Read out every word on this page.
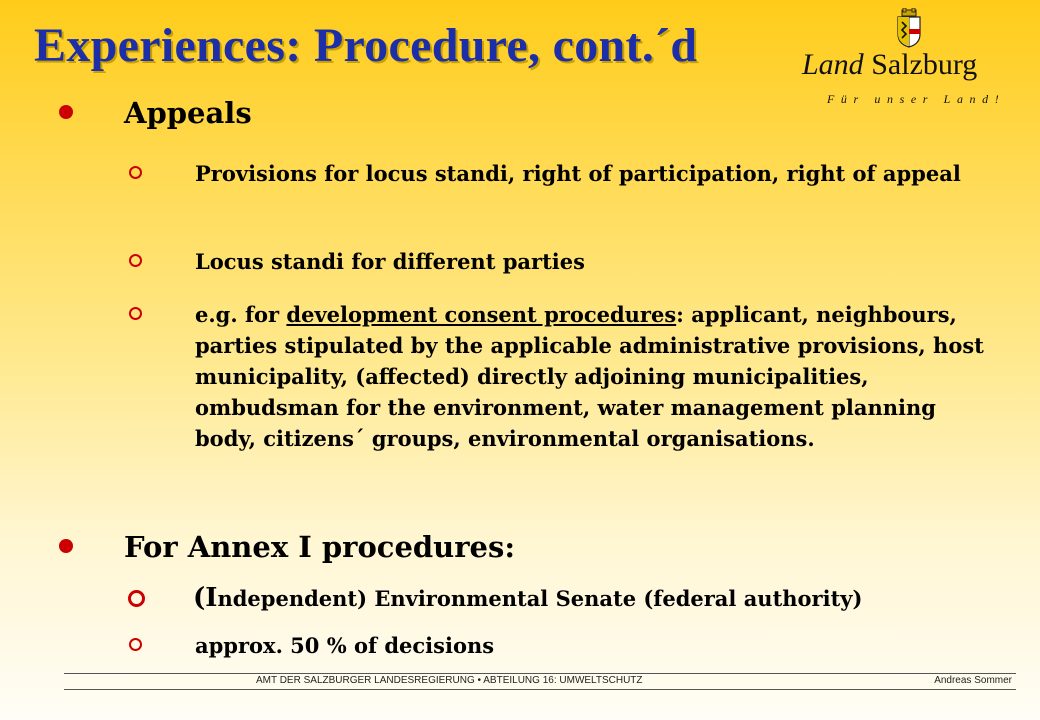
Experiences: Procedure, cont.´d	Land Salzburg
Für unser Land!
Appeals
Provisions for locus standi, right of participation, right of appeal
Locus standi for different parties
e.g. for development consent procedures: applicant, neighbours, parties stipulated by the applicable administrative provisions, host municipality, (affected) directly adjoining municipalities, ombudsman for the environment, water management planning body, citizens´ groups, environmental organisations.
For Annex I procedures:
(Independent) Environmental Senate (federal authority)
approx. 50 % of decisions
AMT DER SALZBURGER LANDESREGIERUNG • ABTEILUNG 16: UMWELTSCHUTZ	Andreas Sommer
